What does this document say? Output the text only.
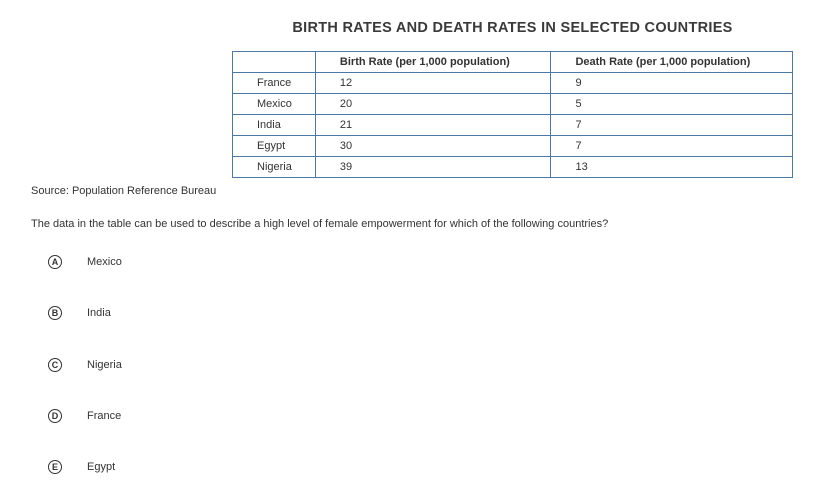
BIRTH RATES AND DEATH RATES IN SELECTED COUNTRIES
	Birth Rate (per 1,000 population)	Death Rate (per 1,000 population)
France	12	9
Mexico	20	5
India	21	7
Egypt	30	7
Nigeria	39	13
Source: Population Reference Bureau
The data in the table can be used to describe a high level of female empowerment for which of the following countries?
A	Mexico
B	India
C	Nigeria
D	France
E	Egypt
